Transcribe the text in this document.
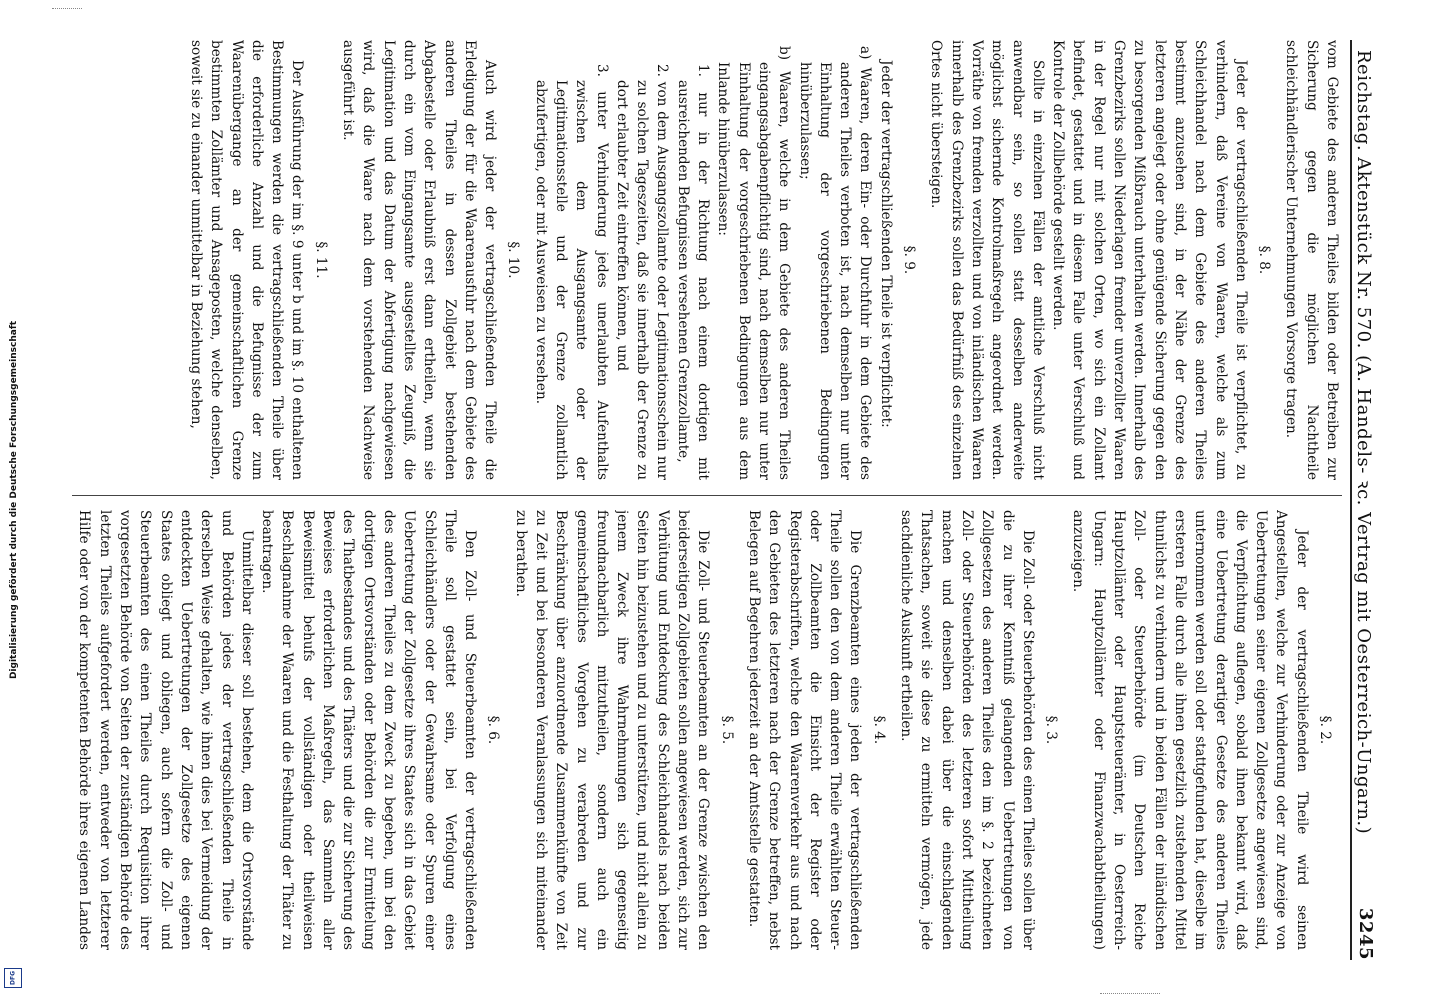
Digitalisierung gefördert durch die Deutsche Forschungsgemeinschaft
DFG
Reichstag. Aktenstück Nr. 570. (A. Handels- ꝛc. Vertrag mit Oesterreich-Ungarn.)
3245

vom Gebiete des anderen Theiles bilden oder Betreiben zur Sicherung gegen die möglichen Nachtheile schleichhändlerischer Unternehmungen Vorsorge tragen.

§. 8.

Jeder der vertragschließenden Theile ist verpflichtet, zu verhindern, daß Vereine von Waaren, welche als zum Schleichhandel nach dem Gebiete des anderen Theiles bestimmt anzusehen sind, in der Nähe der Grenze des letzteren angelegt oder ohne genügende Sicherung gegen den zu besorgenden Mißbrauch unterhalten werden. Innerhalb des Grenzbezirks sollen Niederlagen fremder unverzollter Waaren in der Regel nur mit solchen Orten, wo sich ein Zollamt befindet, gestattet und in diesem Falle unter Verschluß und Kontrole der Zollbehörde gestellt werden.

Sollte in einzelnen Fällen der amtliche Verschluß nicht anwendbar sein, so sollen statt desselben anderweite möglichst sichernde Kontrolmaßregeln angeordnet werden. Vorräthe von fremden verzollten und von inländischen Waaren innerhalb des Grenzbezirks sollen das Bedürfniß des einzelnen Ortes nicht übersteigen.

§. 9.

Jeder der vertragschließenden Theile ist verpflichtet:

a) Waaren, deren Ein- oder Durchfuhr in dem Gebiete des anderen Theiles verboten ist, nach demselben nur unter Einhaltung der vorgeschriebenen Bedingungen hinüberzulassen;

b) Waaren, welche in dem Gebiete des anderen Theiles eingangsabgabenpflichtig sind, nach demselben nur unter Einhaltung der vorgeschriebenen Bedingungen aus dem Inlande hinüberzulassen:

1. nur in der Richtung nach einem dortigen mit ausreichenden Befugnissen versehenen Grenzzollamte,

2. von dem Ausgangszollamte oder Legitimationsschein nur zu solchen Tageszeiten, daß sie innerhalb der Grenze zu dort erlaubter Zeit eintreffen können, und

3. unter Verhinderung jedes unerlaubten Aufenthalts zwischen dem Ausgangsamte oder der Legitimationsstelle und der Grenze zollamtlich abzufertigen, oder mit Ausweisen zu versehen.

§. 10.

Auch wird jeder der vertragschließenden Theile die Erledigung der für die Waarenausfuhr nach dem Gebiete des anderen Theiles in dessen Zollgebiet bestehenden Abgabestelle oder Erlaubniß erst dann ertheilen, wenn sie durch ein vom Eingangsamte ausgestelltes Zeugniß, die Legitimation und das Datum der Abfertigung nachgewiesen wird, daß die Waare nach dem vorstehenden Nachweise ausgeführt ist.

§. 11.

Der Ausführung der im §. 9 unter b und im §. 10 enthaltenen Bestimmungen werden die vertragschließenden Theile über die erforderliche Anzahl und die Befugnisse der zum Waarenübergange an der gemeinschaftlichen Grenze bestimmten Zollämter und Ansageposten, welche denselben, soweit sie zu einander unmittelbar in Beziehung stehen,

§. 2.

Jeder der vertragschließenden Theile wird seinen Angestellten, welche zur Verhinderung oder zur Anzeige von Uebertretungen seiner eigenen Zollgesetze angewiesen sind, die Verpflichtung auflegen, sobald ihnen bekannt wird, daß eine Uebertretung derartiger Gesetze des anderen Theiles unternommen werden soll oder stattgefunden hat, dieselbe im ersteren Falle durch alle ihnen gesetzlich zustehenden Mittel thunlichst zu verhindern und in beiden Fällen der inländischen Zoll- oder Steuerbehörde (im Deutschen Reiche Hauptzollämter oder Hauptsteuerämter, in Oesterreich-Ungarn: Hauptzollämter oder Finanzwachabtheilungen) anzuzeigen.

§. 3.

Die Zoll- oder Steuerbehörden des einen Theiles sollen über die zu ihrer Kenntniß gelangenden Uebertretungen von Zollgesetzen des anderen Theiles den im §. 2 bezeichneten Zoll- oder Steuerbehörden des letzteren sofort Mittheilung machen und denselben dabei über die einschlagenden Thatsachen, soweit sie diese zu ermitteln vermögen, jede sachdienliche Auskunft ertheilen.

§. 4.

Die Grenzbeamten eines jeden der vertragschließenden Theile sollen den von dem anderen Theile erwählten Steuer- oder Zollbeamten die Einsicht der Register oder Registerabschriften, welche den Waarenverkehr aus und nach den Gebieten des letzteren nach der Grenze betreffen, nebst Belegen auf Begehren jederzeit an der Amtsstelle gestatten.

§. 5.

Die Zoll- und Steuerbeamten an der Grenze zwischen den beiderseitigen Zollgebieten sollen angewiesen werden, sich zur Verhütung und Entdeckung des Schleichhandels nach beiden Seiten hin beizustehen und zu unterstützen, und nicht allein zu jenem Zweck ihre Wahrnehmungen sich gegenseitig freundnachbarlich mitzutheilen, sondern auch ein gemeinschaftliches Vorgehen zu verabreden und zur Beschränkung über anzuordnende Zusammenkünfte von Zeit zu Zeit und bei besonderen Veranlassungen sich miteinander zu berathen.

§. 6.

Den Zoll- und Steuerbeamten der vertragschließenden Theile soll gestattet sein, bei Verfolgung eines Schleichhändlers oder der Gewahrsame oder Spuren einer Uebertretung der Zollgesetze ihres Staates sich in das Gebiet des anderen Theiles zu dem Zweck zu begeben, um bei den dortigen Ortsvorständen oder Behörden die zur Ermittelung des Thatbestandes und des Thäters und die zur Sicherung des Beweises erforderlichen Maßregeln, das Sammeln aller Beweismittel behufs der vollständigen oder theilweisen Beschlagnahme der Waaren und die Festhaltung der Thäter zu beantragen.

Unmittelbar dieser soll bestehen, dem die Ortsvorstände und Behörden jedes der vertragschließenden Theile in derselben Weise gehalten, wie ihnen dies bei Vermeidung der entdeckten Uebertretungen der Zollgesetze des eigenen Staates obliegt und obliegen, auch sofern die Zoll- und Steuerbeamten des einen Theiles durch Requisition ihrer vorgesetzten Behörde von Seiten der zuständigen Behörde des letzten Theiles aufgefordert werden, entweder von letzterer Hilfe oder von der kompetenten Behörde ihres eigenen Landes
